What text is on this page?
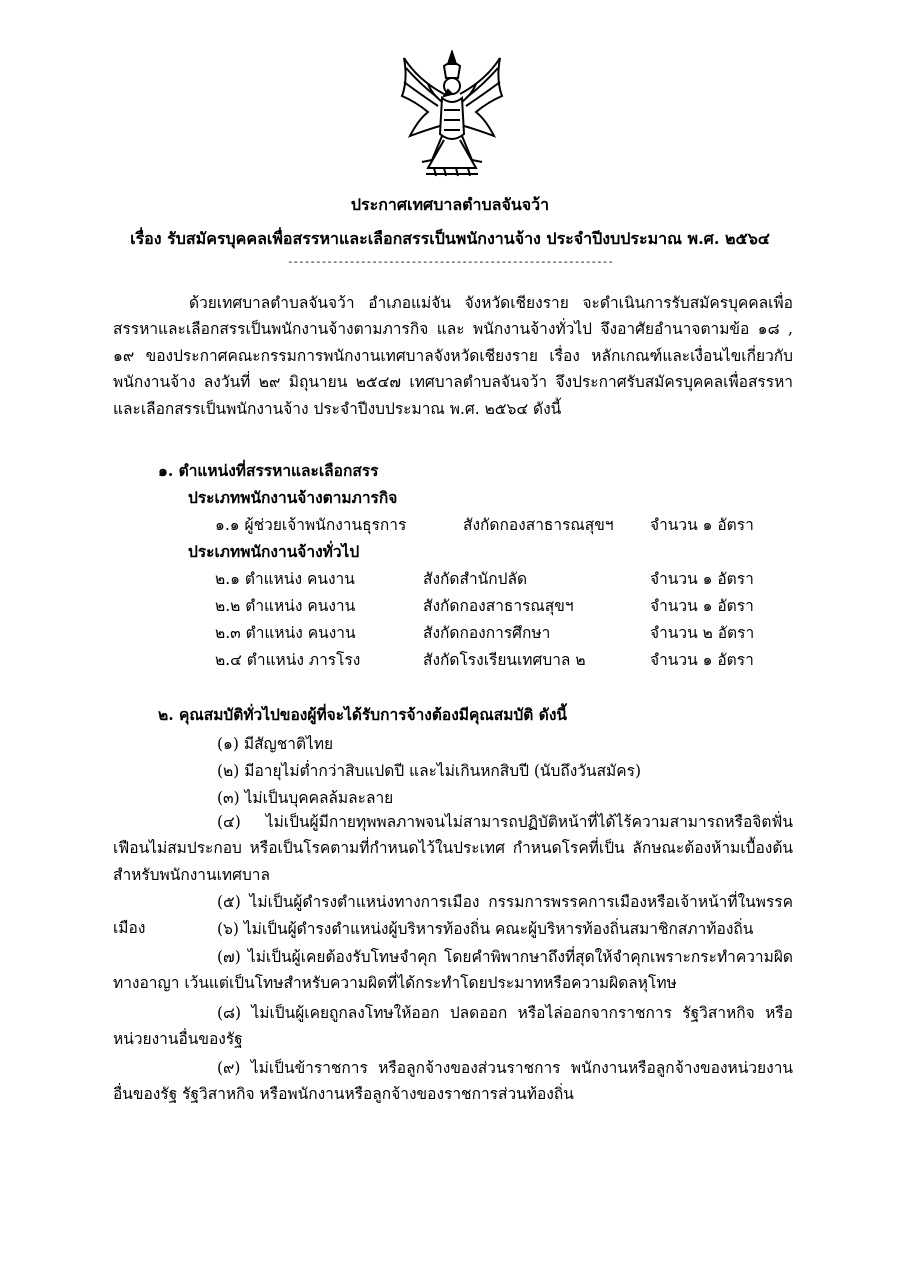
ประกาศเทศบาลตำบลจันจว้า
เรื่อง รับสมัครบุคคลเพื่อสรรหาและเลือกสรรเป็นพนักงานจ้าง ประจำปีงบประมาณ พ.ศ. ๒๕๖๔
----------------------------------------------------------
ด้วยเทศบาลตำบลจันจว้า อำเภอแม่จัน จังหวัดเชียงราย จะดำเนินการรับสมัครบุคคลเพื่อสรรหาและเลือกสรรเป็นพนักงานจ้างตามภารกิจ และ พนักงานจ้างทั่วไป จึงอาศัยอำนาจตามข้อ ๑๘ , ๑๙ ของประกาศคณะกรรมการพนักงานเทศบาลจังหวัดเชียงราย เรื่อง หลักเกณฑ์และเงื่อนไขเกี่ยวกับพนักงานจ้าง ลงวันที่ ๒๙ มิถุนายน ๒๕๔๗ เทศบาลตำบลจันจว้า จึงประกาศรับสมัครบุคคลเพื่อสรรหาและเลือกสรรเป็นพนักงานจ้าง ประจำปีงบประมาณ พ.ศ. ๒๕๖๔ ดังนี้
๑. ตำแหน่งที่สรรหาและเลือกสรร
ประเภทพนักงานจ้างตามภารกิจ
๑.๑ ผู้ช่วยเจ้าพนักงานธุรการ	สังกัดกองสาธารณสุขฯ จำนวน ๑ อัตรา
ประเภทพนักงานจ้างทั่วไป
๒.๑ ตำแหน่ง คนงาน	สังกัดสำนักปลัด	จำนวน ๑ อัตรา
๒.๒ ตำแหน่ง คนงาน	สังกัดกองสาธารณสุขฯ	จำนวน ๑ อัตรา
๒.๓ ตำแหน่ง คนงาน	สังกัดกองการศึกษา	จำนวน ๒ อัตรา
๒.๔ ตำแหน่ง ภารโรง	สังกัดโรงเรียนเทศบาล ๒	จำนวน ๑ อัตรา
๒. คุณสมบัติทั่วไปของผู้ที่จะได้รับการจ้างต้องมีคุณสมบัติ ดังนี้
(๑) มีสัญชาติไทย
(๒) มีอายุไม่ต่ำกว่าสิบแปดปี และไม่เกินหกสิบปี (นับถึงวันสมัคร)
(๓) ไม่เป็นบุคคลล้มละลาย
(๔) ไม่เป็นผู้มีกายทุพพลภาพจนไม่สามารถปฏิบัติหน้าที่ได้ไร้ความสามารถหรือจิตฟั่น เฟือนไม่สมประกอบ หรือเป็นโรคตามที่กำหนดไว้ในประเทศ กำหนดโรคที่เป็น ลักษณะต้องห้ามเบื้องต้นสำหรับพนักงานเทศบาล
(๕) ไม่เป็นผู้ดำรงตำแหน่งทางการเมือง กรรมการพรรคการเมืองหรือเจ้าหน้าที่ในพรรค เมือง	(๖) ไม่เป็นผู้ดำรงตำแหน่งผู้บริหารท้องถิ่น คณะผู้บริหารท้องถิ่นสมาชิกสภาท้องถิ่น
(๗) ไม่เป็นผู้เคยต้องรับโทษจำคุก โดยคำพิพากษาถึงที่สุดให้จำคุกเพราะกระทำความผิด ทางอาญา เว้นแต่เป็นโทษสำหรับความผิดที่ได้กระทำโดยประมาทหรือความผิดลหุโทษ
(๘) ไม่เป็นผู้เคยถูกลงโทษให้ออก ปลดออก หรือไล่ออกจากราชการ รัฐวิสาหกิจ หรือหน่วยงานอื่นของรัฐ
(๙) ไม่เป็นข้าราชการ หรือลูกจ้างของส่วนราชการ พนักงานหรือลูกจ้างของหน่วยงานอื่นของรัฐ รัฐวิสาหกิจ หรือพนักงานหรือลูกจ้างของราชการส่วนท้องถิ่น
